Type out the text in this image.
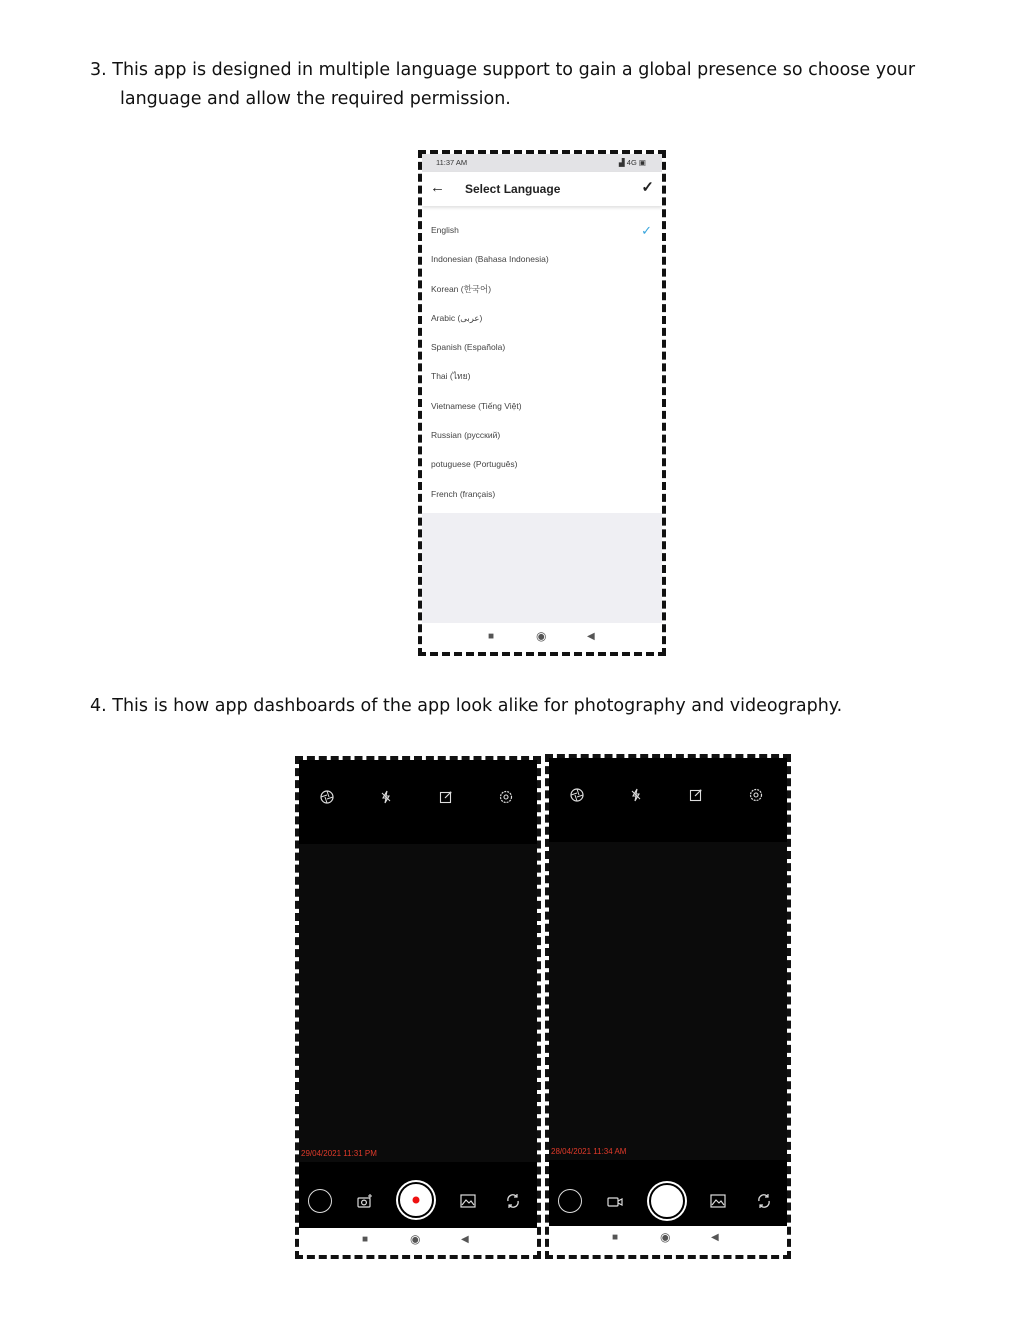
3. This app is designed in multiple language support to gain a global presence so choose your
language and allow the required permission.

11:37 AM	▟ 4G ▣
← Select Language	✓
English	✓
Indonesian (Bahasa Indonesia)
Korean (한국어)
Arabic (عربى)
Spanish (Española)
Thai (ไทย)
Vietnamese (Tiếng Việt)
Russian (русский)
potuguese (Português)
French (français)
■	◉	◀

4. This is how app dashboards of the app look alike for photography and videography.

29/04/2021 11:31 PM
■	◉	◀
28/04/2021 11:34 AM
■	◉	◀
